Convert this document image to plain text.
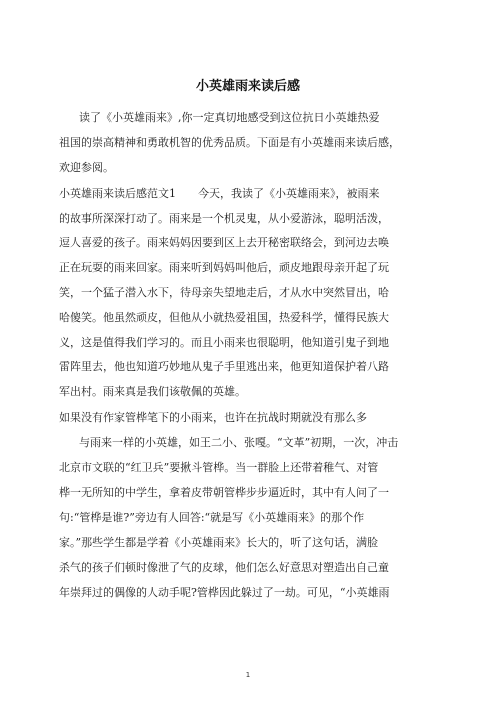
小英雄雨来读后感
读了《小英雄雨来》,你一定真切地感受到这位抗日小英雄热爱
祖国的崇高精神和勇敢机智的优秀品质。下面是有小英雄雨来读后感，
欢迎参阅。
小英雄雨来读后感范文1　　今天，我读了《小英雄雨来》，被雨来
的故事所深深打动了。雨来是一个机灵鬼，从小爱游泳，聪明活泼，
逗人喜爱的孩子。雨来妈妈因要到区上去开秘密联络会，到河边去唤
正在玩耍的雨来回家。雨来听到妈妈叫他后，顽皮地跟母亲开起了玩
笑，一个猛子潜入水下，待母亲失望地走后，才从水中突然冒出，哈
哈傻笑。他虽然顽皮，但他从小就热爱祖国，热爱科学，懂得民族大
义，这是值得我们学习的。而且小雨来也很聪明，他知道引鬼子到地
雷阵里去，他也知道巧妙地从鬼子手里逃出来，他更知道保护着八路
军出村。雨来真是我们该敬佩的英雄。
如果没有作家管桦笔下的小雨来，也许在抗战时期就没有那么多
与雨来一样的小英雄，如王二小、张嘎。“文革”初期，一次，冲击
北京市文联的“红卫兵”要揪斗管桦。当一群脸上还带着稚气、对管
桦一无所知的中学生，拿着皮带朝管桦步步逼近时，其中有人问了一
句:“管桦是谁?”旁边有人回答:“就是写《小英雄雨来》的那个作
家。”那些学生都是学着《小英雄雨来》长大的，听了这句话，满脸
杀气的孩子们顿时像泄了气的皮球，他们怎么好意思对塑造出自己童
年崇拜过的偶像的人动手呢?管桦因此躲过了一劫。可见，“小英雄雨
1
